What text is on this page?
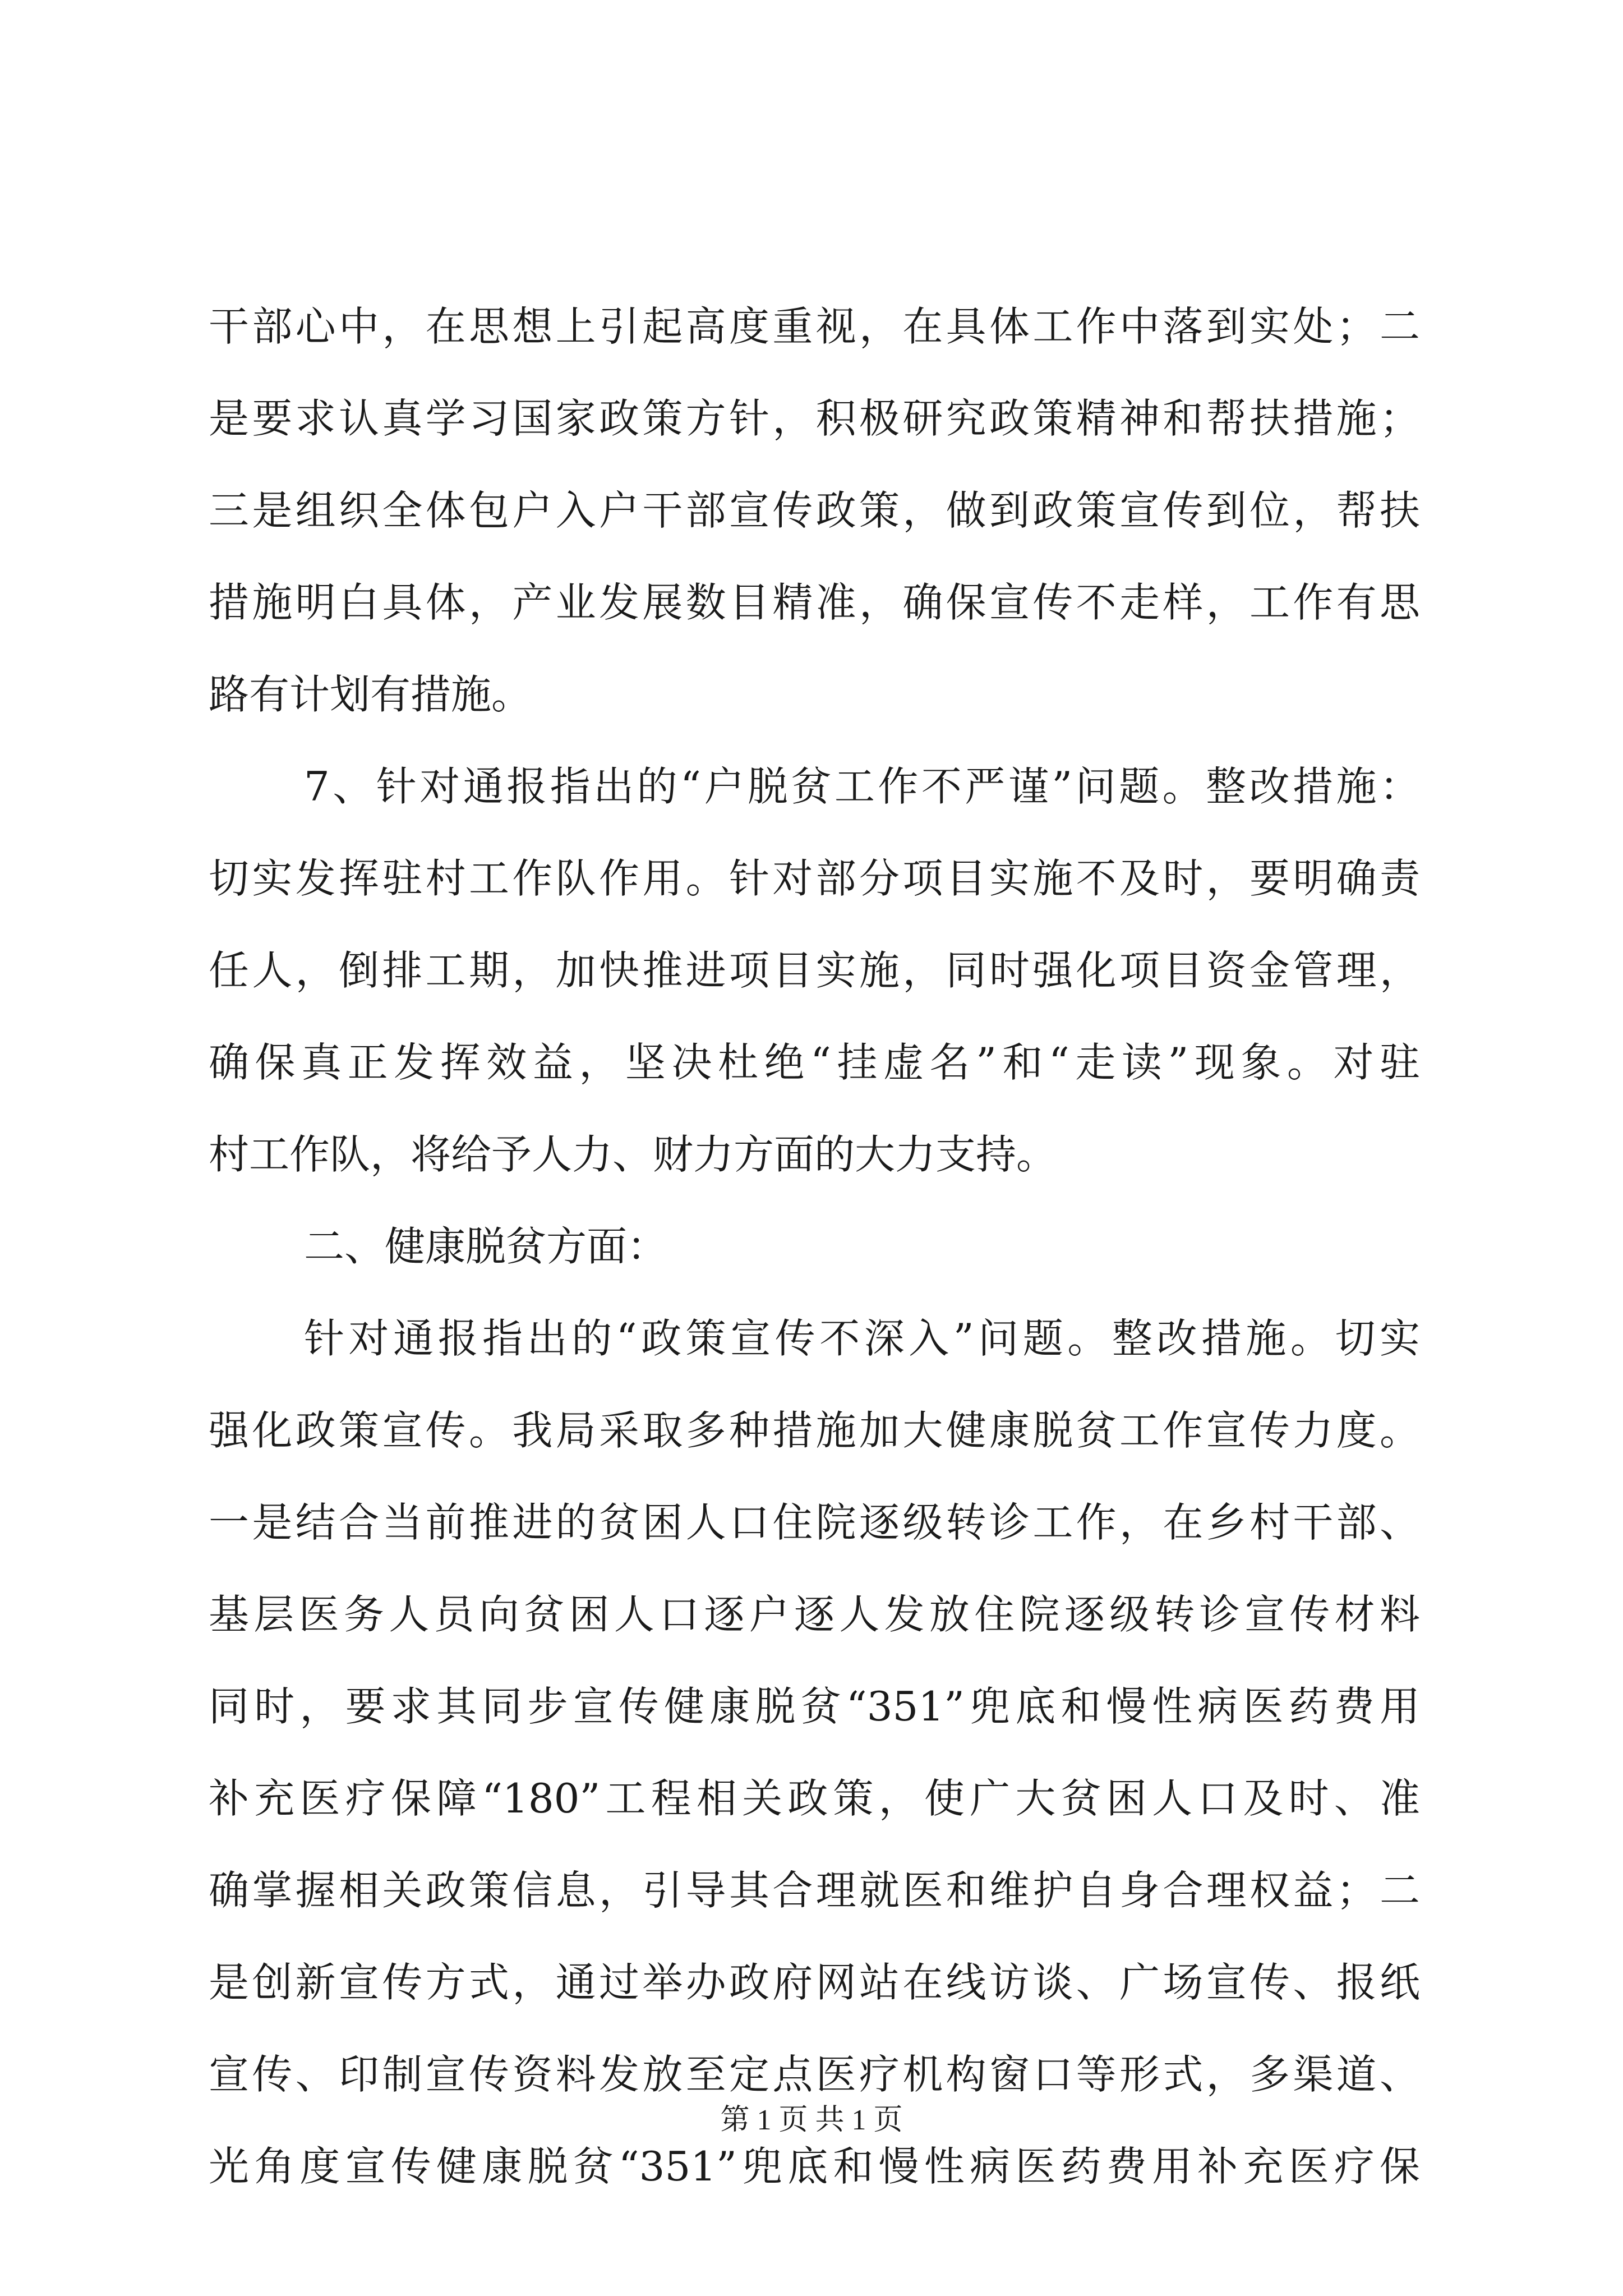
干部心中，在思想上引起高度重视，在具体工作中落到实处；二
是要求认真学习国家政策方针，积极研究政策精神和帮扶措施；
三是组织全体包户入户干部宣传政策，做到政策宣传到位，帮扶
措施明白具体，产业发展数目精准，确保宣传不走样，工作有思
路有计划有措施。
7、针对通报指出的“户脱贫工作不严谨”问题。整改措施：
切实发挥驻村工作队作用。针对部分项目实施不及时，要明确责
任人，倒排工期，加快推进项目实施，同时强化项目资金管理，
确保真正发挥效益，坚决杜绝“挂虚名”和“走读”现象。对驻
村工作队，将给予人力、财力方面的大力支持。
二、健康脱贫方面：
针对通报指出的“政策宣传不深入”问题。整改措施。切实
强化政策宣传。我局采取多种措施加大健康脱贫工作宣传力度。
一是结合当前推进的贫困人口住院逐级转诊工作，在乡村干部、
基层医务人员向贫困人口逐户逐人发放住院逐级转诊宣传材料
同时，要求其同步宣传健康脱贫“351”兜底和慢性病医药费用
补充医疗保障“180”工程相关政策，使广大贫困人口及时、准
确掌握相关政策信息，引导其合理就医和维护自身合理权益；二
是创新宣传方式，通过举办政府网站在线访谈、广场宣传、报纸
宣传、印制宣传资料发放至定点医疗机构窗口等形式，多渠道、
光角度宣传健康脱贫“351”兜底和慢性病医药费用补充医疗保
第 1 页 共 1 页
